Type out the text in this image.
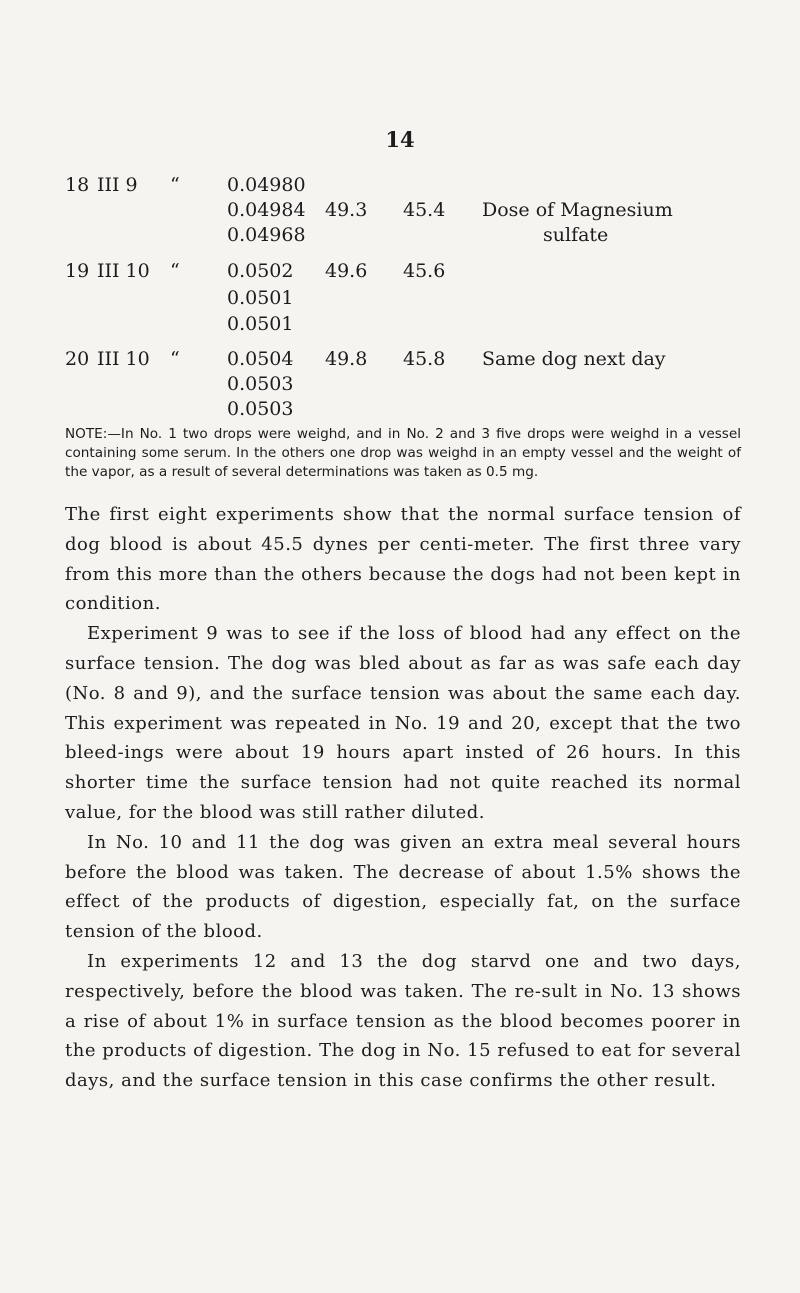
14
18 III 9 “ 0.04980
0.04984 49.3 45.4 Dose of Magnesium
0.04968	sulfate
19 III 10 “ 0.0502 49.6 45.6
0.0501
0.0501
20 III 10 “ 0.0504 49.8 45.8 Same dog next day
0.0503
0.0503
NOTE:—In No. 1 two drops were weighd, and in No. 2 and 3 five drops were weighd in a vessel containing some serum. In the others one drop was weighd in an empty vessel and the weight of the vapor, as a result of several determinations was taken as 0.5 mg.

The first eight experiments show that the normal surface tension of dog blood is about 45.5 dynes per centi-meter. The first three vary from this more than the others because the dogs had not been kept in condition.

Experiment 9 was to see if the loss of blood had any effect on the surface tension. The dog was bled about as far as was safe each day (No. 8 and 9), and the surface tension was about the same each day. This experiment was repeated in No. 19 and 20, except that the two bleed-ings were about 19 hours apart insted of 26 hours. In this shorter time the surface tension had not quite reached its normal value, for the blood was still rather diluted.

In No. 10 and 11 the dog was given an extra meal several hours before the blood was taken. The decrease of about 1.5% shows the effect of the products of digestion, especially fat, on the surface tension of the blood.

In experiments 12 and 13 the dog starvd one and two days, respectively, before the blood was taken. The re-sult in No. 13 shows a rise of about 1% in surface tension as the blood becomes poorer in the products of digestion. The dog in No. 15 refused to eat for several days, and the surface tension in this case confirms the other result.
